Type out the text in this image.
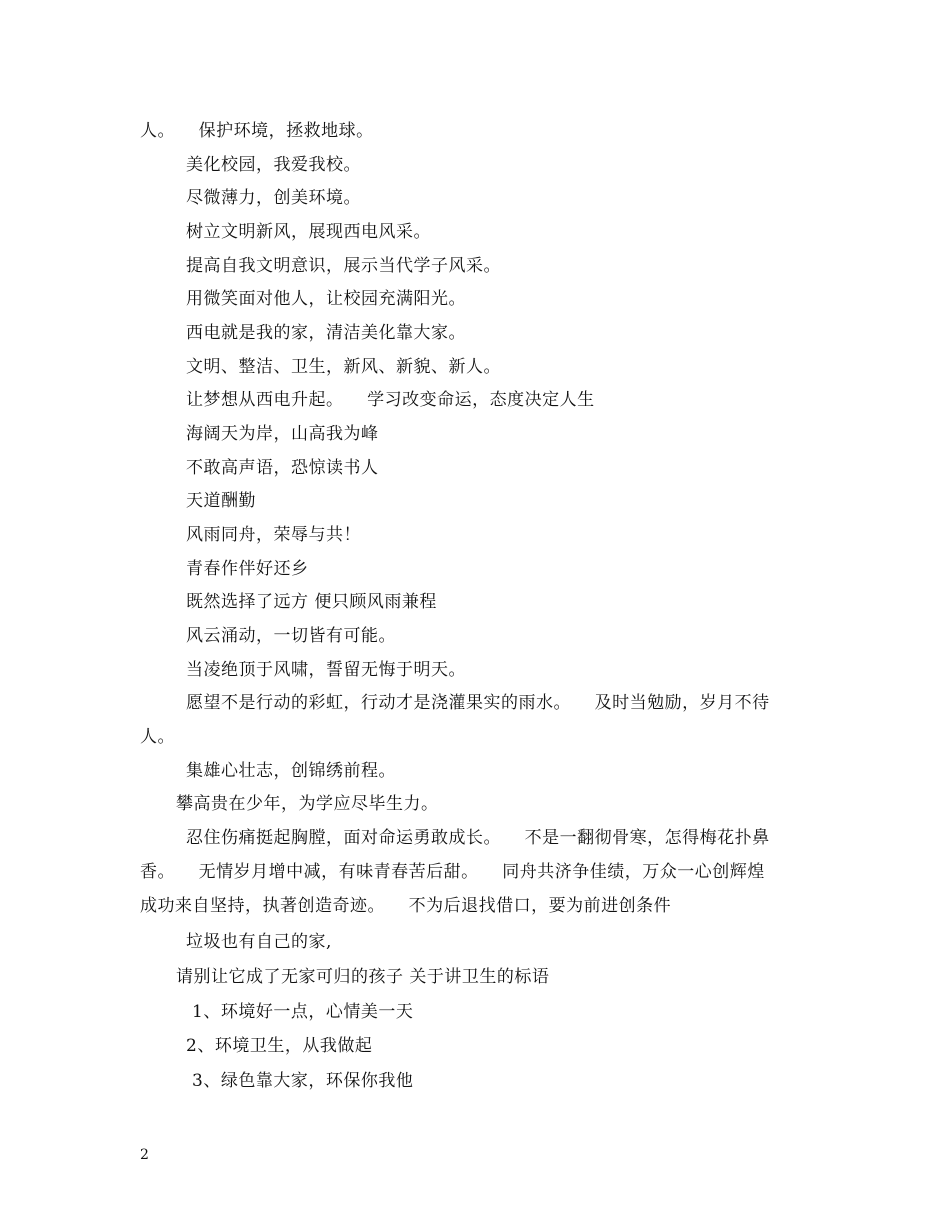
人。    保护环境，拯救地球。
美化校园，我爱我校。
尽微薄力，创美环境。
树立文明新风，展现西电风采。
提高自我文明意识，展示当代学子风采。
用微笑面对他人，让校园充满阳光。
西电就是我的家，清洁美化靠大家。
文明、整洁、卫生，新风、新貌、新人。
让梦想从西电升起。    学习改变命运，态度决定人生
海阔天为岸，山高我为峰
不敢高声语，恐惊读书人
天道酬勤
风雨同舟，荣辱与共！
青春作伴好还乡
既然选择了远方 便只顾风雨兼程
风云涌动，一切皆有可能。
当凌绝顶于风啸，誓留无悔于明天。
愿望不是行动的彩虹，行动才是浇灌果实的雨水。    及时当勉励，岁月不待
人。
集雄心壮志，创锦绣前程。
攀高贵在少年，为学应尽毕生力。
忍住伤痛挺起胸膛，面对命运勇敢成长。    不是一翻彻骨寒，怎得梅花扑鼻
香。    无情岁月增中减，有味青春苦后甜。    同舟共济争佳绩，万众一心创辉煌
成功来自坚持，执著创造奇迹。    不为后退找借口，要为前进创条件
垃圾也有自己的家,
请别让它成了无家可归的孩子 关于讲卫生的标语
1、环境好一点，心情美一天
2、环境卫生，从我做起
3、绿色靠大家，环保你我他
2
